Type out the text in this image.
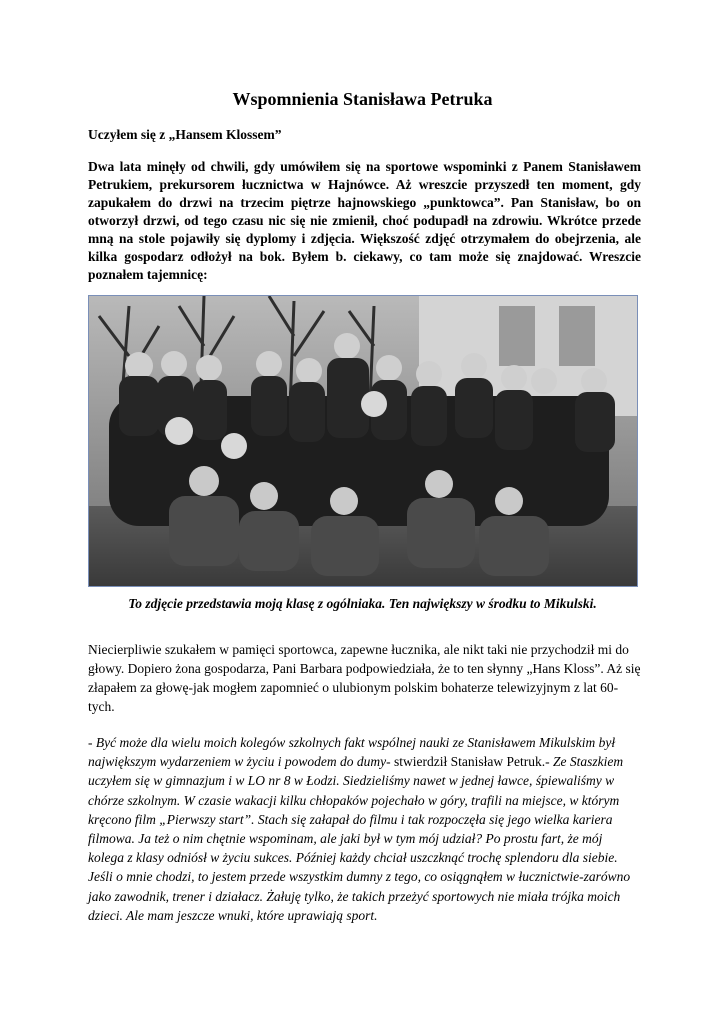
Wspomnienia Stanisława Petruka

Uczyłem się z „Hansem Klossem”

Dwa lata minęły od chwili, gdy umówiłem się na sportowe wspominki z Panem Stanisławem Petrukiem, prekursorem łucznictwa w Hajnówce. Aż wreszcie przyszedł ten moment, gdy zapukałem do drzwi na trzecim piętrze hajnowskiego „punktowca”. Pan Stanisław, bo on otworzył drzwi, od tego czasu nic się nie zmienił, choć podupadł na zdrowiu. Wkrótce przede mną na stole pojawiły się dyplomy i zdjęcia. Większość zdjęć otrzymałem do obejrzenia, ale kilka gospodarz odłożył na bok. Byłem b. ciekawy, co tam może się znajdować. Wreszcie poznałem tajemnicę:

To zdjęcie przedstawia moją klasę z ogólniaka. Ten największy w środku to Mikulski.

Niecierpliwie szukałem w pamięci sportowca, zapewne łucznika, ale nikt taki nie przychodził mi do głowy. Dopiero żona gospodarza, Pani Barbara podpowiedziała, że to ten słynny „Hans Kloss”. Aż się złapałem za głowę-jak mogłem zapomnieć o ulubionym polskim bohaterze telewizyjnym z lat 60-tych.

- Być może dla wielu moich kolegów szkolnych fakt wspólnej nauki ze Stanisławem Mikulskim był największym wydarzeniem w życiu i powodem do dumy- stwierdził Stanisław Petruk.- Ze Staszkiem uczyłem się w gimnazjum i w LO nr 8 w Łodzi. Siedzieliśmy nawet w jednej ławce, śpiewaliśmy w chórze szkolnym. W czasie wakacji kilku chłopaków pojechało w góry, trafili na miejsce, w którym kręcono film „Pierwszy start”. Stach się załapał do filmu i tak rozpoczęła się jego wielka kariera filmowa. Ja też o nim chętnie wspominam, ale jaki był w tym mój udział? Po prostu fart, że mój kolega z klasy odniósł w życiu sukces. Później każdy chciał uszczknąć trochę splendoru dla siebie. Jeśli o mnie chodzi, to jestem przede wszystkim dumny z tego, co osiągnąłem w łucznictwie-zarówno jako zawodnik, trener i działacz. Żałuję tylko, że takich przeżyć sportowych nie miała trójka moich dzieci. Ale mam jeszcze wnuki, które uprawiają sport.
